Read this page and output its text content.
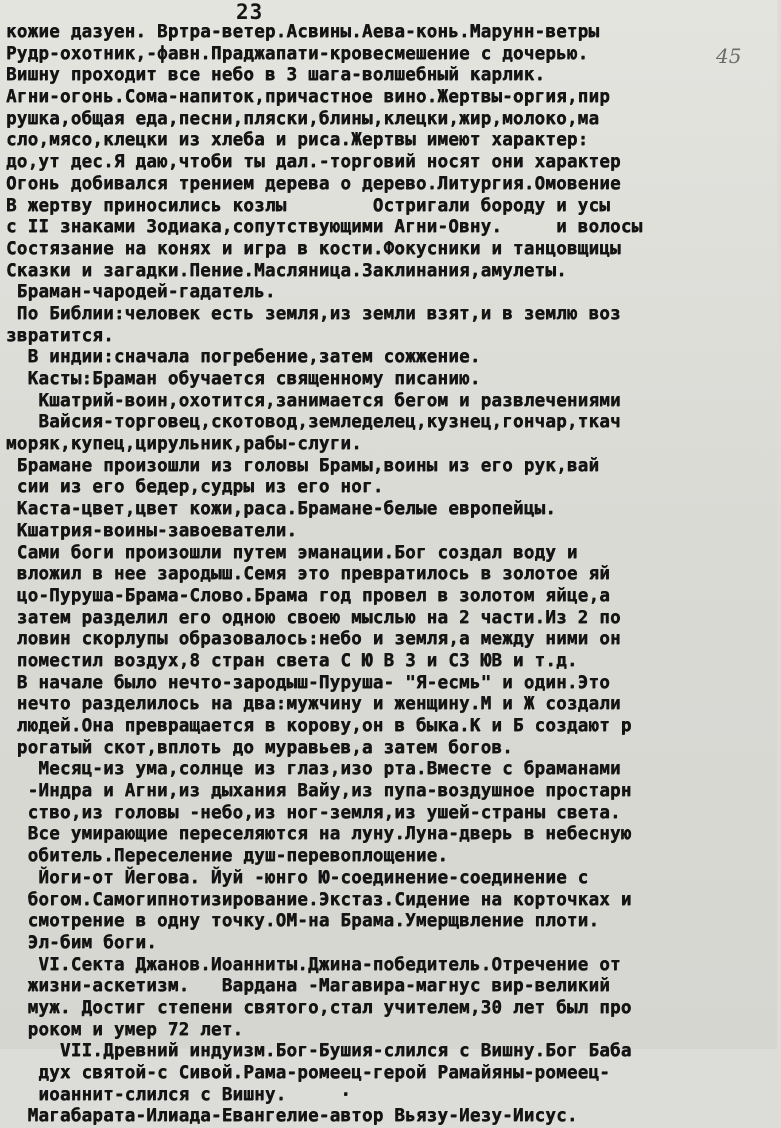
23
45
кожие дазуен. Вртра-ветер.Асвины.Аева-конь.Марунн-ветры
Рудр-охотник,-фавн.Праджапати-кровесмешение с дочерью.
Вишну проходит все небо в 3 шага-волшебный карлик.
Агни-огонь.Сома-напиток,причастное вино.Жертвы-оргия,пир
рушка,общая еда,песни,пляски,блины,клецки,жир,молоко,ма
сло,мясо,клецки из хлеба и риса.Жертвы имеют характер:
до,ут дес.Я даю,чтоби ты дал.-торговий носят они характер
Огонь добивался трением дерева о дерево.Литургия.Омовение
В жертву приносились козлы        Остригали бороду и усы
с II знаками Зодиака,сопутствующими Агни-Овну.     и волосы
Состязание на конях и игра в кости.Фокусники и танцовщицы
Сказки и загадки.Пение.Масляница.Заклинания,амулеты.
Браман-чародей-гадатель.
По Библии:человек есть земля,из земли взят,и в землю воз
звратится.
В индии:сначала погребение,затем сожжение.
Касты:Браман обучается священному писанию.
Кшатрий-воин,охотится,занимается бегом и развлечениями
Вайсия-торговец,скотовод,земледелец,кузнец,гончар,ткач
моряк,купец,цирульник,рабы-слуги.
Брамане произошли из головы Брамы,воины из его рук,вай
сии из его бедер,судры из его ног.
Каста-цвет,цвет кожи,раса.Брамане-белые европейцы.
Кшатрия-воины-завоеватели.
Сами боги произошли путем эманации.Бог создал воду и
вложил в нее зародыш.Семя это превратилось в золотое яй
цо-Пуруша-Брама-Слово.Брама год провел в золотом яйце,а
затем разделил его одною своею мыслью на 2 части.Из 2 по
ловин скорлупы образовалось:небо и земля,а между ними он
поместил воздух,8 стран света С Ю В З и СЗ ЮВ и т.д.
В начале было нечто-зародыш-Пуруша- "Я-есмь" и один.Это
нечто разделилось на два:мужчину и женщину.М и Ж создали
людей.Она превращается в корову,он в быка.К и Б создают р
рогатый скот,вплоть до муравьев,а затем богов.
Месяц-из ума,солнце из глаз,изо рта.Вместе с браманами
-Индра и Агни,из дыхания Вайу,из пупа-воздушное простарн
ство,из головы -небо,из ног-земля,из ушей-страны света.
Все умирающие переселяются на луну.Луна-дверь в небесную
обитель.Переселение душ-перевоплощение.
Йоги-от Йегова. Йуй -юнго Ю-соединение-соединение с
богом.Самогипнотизирование.Экстаз.Сидение на корточках и
смотрение в одну точку.ОМ-на Брама.Умерщвление плоти.
Эл-бим боги.
VI.Секта Джанов.Иоанниты.Джина-победитель.Отречение от
жизни-аскетизм.   Вардана -Магавира-магнус вир-великий
муж. Достиг степени святого,стал учителем,30 лет был про
роком и умер 72 лет.
VII.Древний индуизм.Бог-Бушия-слился с Вишну.Бог Баба
дух святой-с Сивой.Рама-ромеец-герой Рамайяны-ромеец-
иоаннит-слился с Вишну.     ·
Магабарата-Илиада-Евангелие-автор Вьязу-Иезу-Иисус.
